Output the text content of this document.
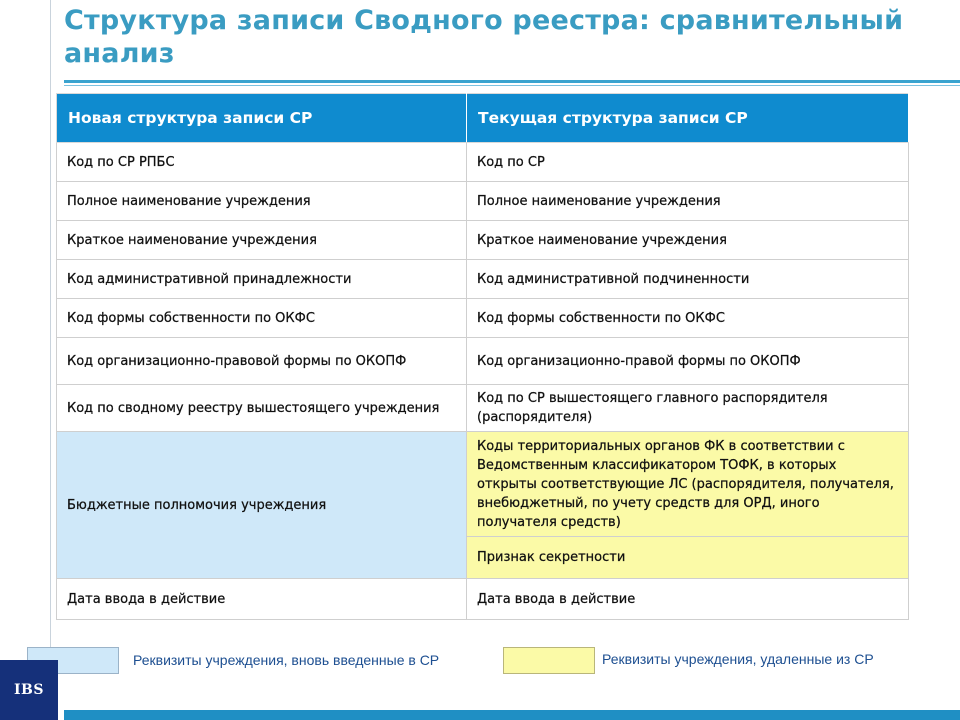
Структура записи Сводного реестра: сравнительный анализ
Новая структура записи СР	Текущая структура записи СР
Код по СР РПБС	Код по СР
Полное наименование учреждения	Полное наименование учреждения
Краткое наименование учреждения	Краткое наименование учреждения
Код административной принадлежности	Код административной подчиненности
Код формы собственности по ОКФС	Код формы собственности по ОКФС
Код организационно-правовой формы по ОКОПФ	Код организационно-правой формы по ОКОПФ
Код по сводному реестру вышестоящего учреждения	Код по СР вышестоящего главного распорядителя (распорядителя)
Бюджетные полномочия учреждения	Коды территориальных органов ФК в соответствии с Ведомственным классификатором ТОФК, в которых открыты соответствующие ЛС (распорядителя, получателя, внебюджетный, по учету средств для ОРД, иного получателя средств)
	Признак секретности
Дата ввода в действие	Дата ввода в действие
Реквизиты учреждения, вновь введенные в СР	Реквизиты учреждения, удаленные из СР
IBS
